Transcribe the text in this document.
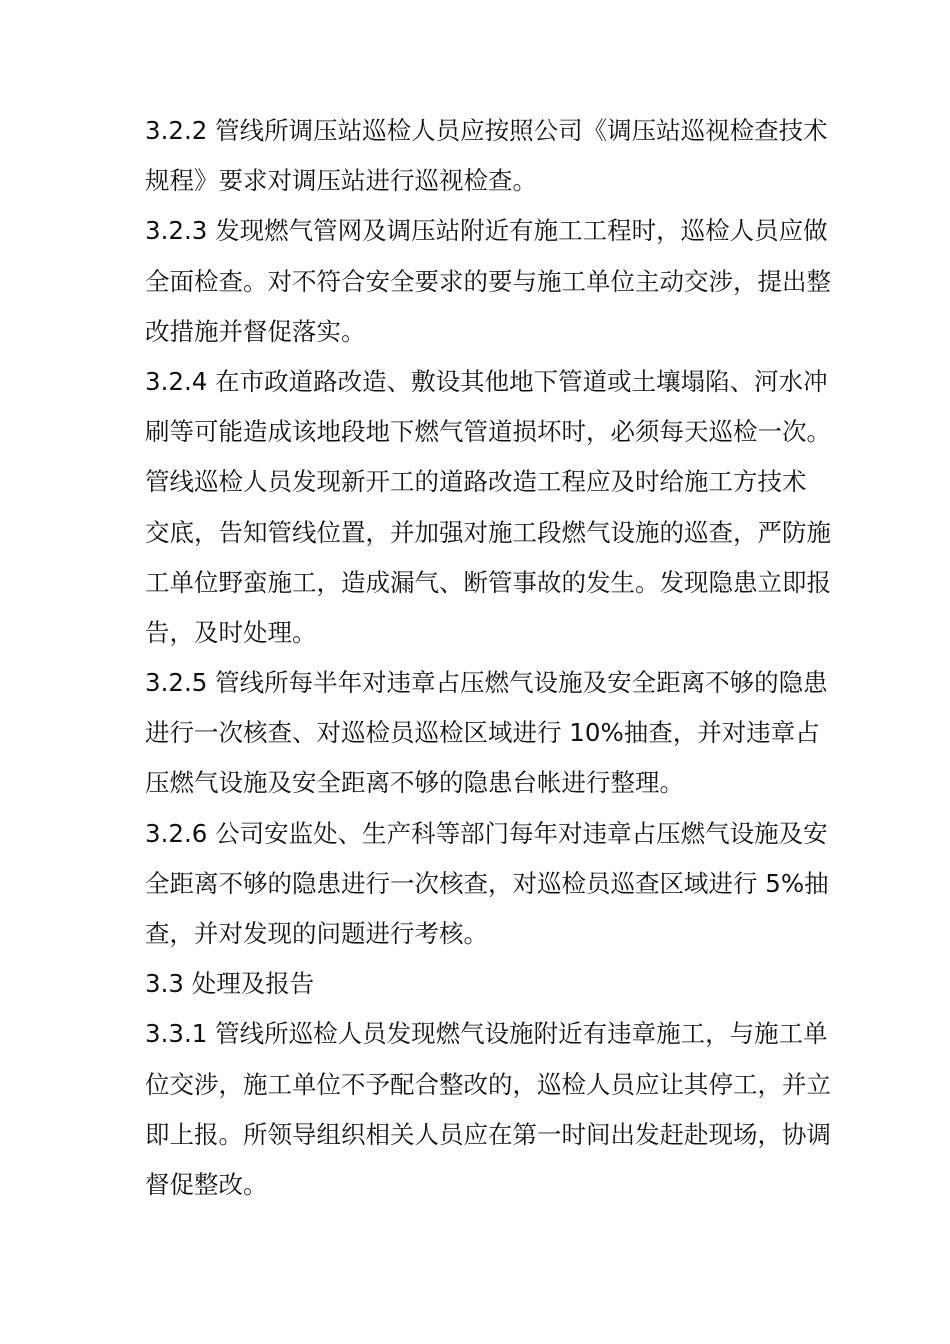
3.2.2 管线所调压站巡检人员应按照公司《调压站巡视检查技术
规程》要求对调压站进行巡视检查。
3.2.3 发现燃气管网及调压站附近有施工工程时，巡检人员应做
全面检查。对不符合安全要求的要与施工单位主动交涉，提出整
改措施并督促落实。
3.2.4 在市政道路改造、敷设其他地下管道或土壤塌陷、河水冲
刷等可能造成该地段地下燃气管道损坏时，必须每天巡检一次。
管线巡检人员发现新开工的道路改造工程应及时给施工方技术
交底，告知管线位置，并加强对施工段燃气设施的巡查，严防施
工单位野蛮施工，造成漏气、断管事故的发生。发现隐患立即报
告，及时处理。
3.2.5 管线所每半年对违章占压燃气设施及安全距离不够的隐患
进行一次核查、对巡检员巡检区域进行 10%抽查，并对违章占
压燃气设施及安全距离不够的隐患台帐进行整理。
3.2.6 公司安监处、生产科等部门每年对违章占压燃气设施及安
全距离不够的隐患进行一次核查，对巡检员巡查区域进行 5%抽
查，并对发现的问题进行考核。
3.3 处理及报告
3.3.1 管线所巡检人员发现燃气设施附近有违章施工，与施工单
位交涉，施工单位不予配合整改的，巡检人员应让其停工，并立
即上报。所领导组织相关人员应在第一时间出发赶赴现场，协调
督促整改。
